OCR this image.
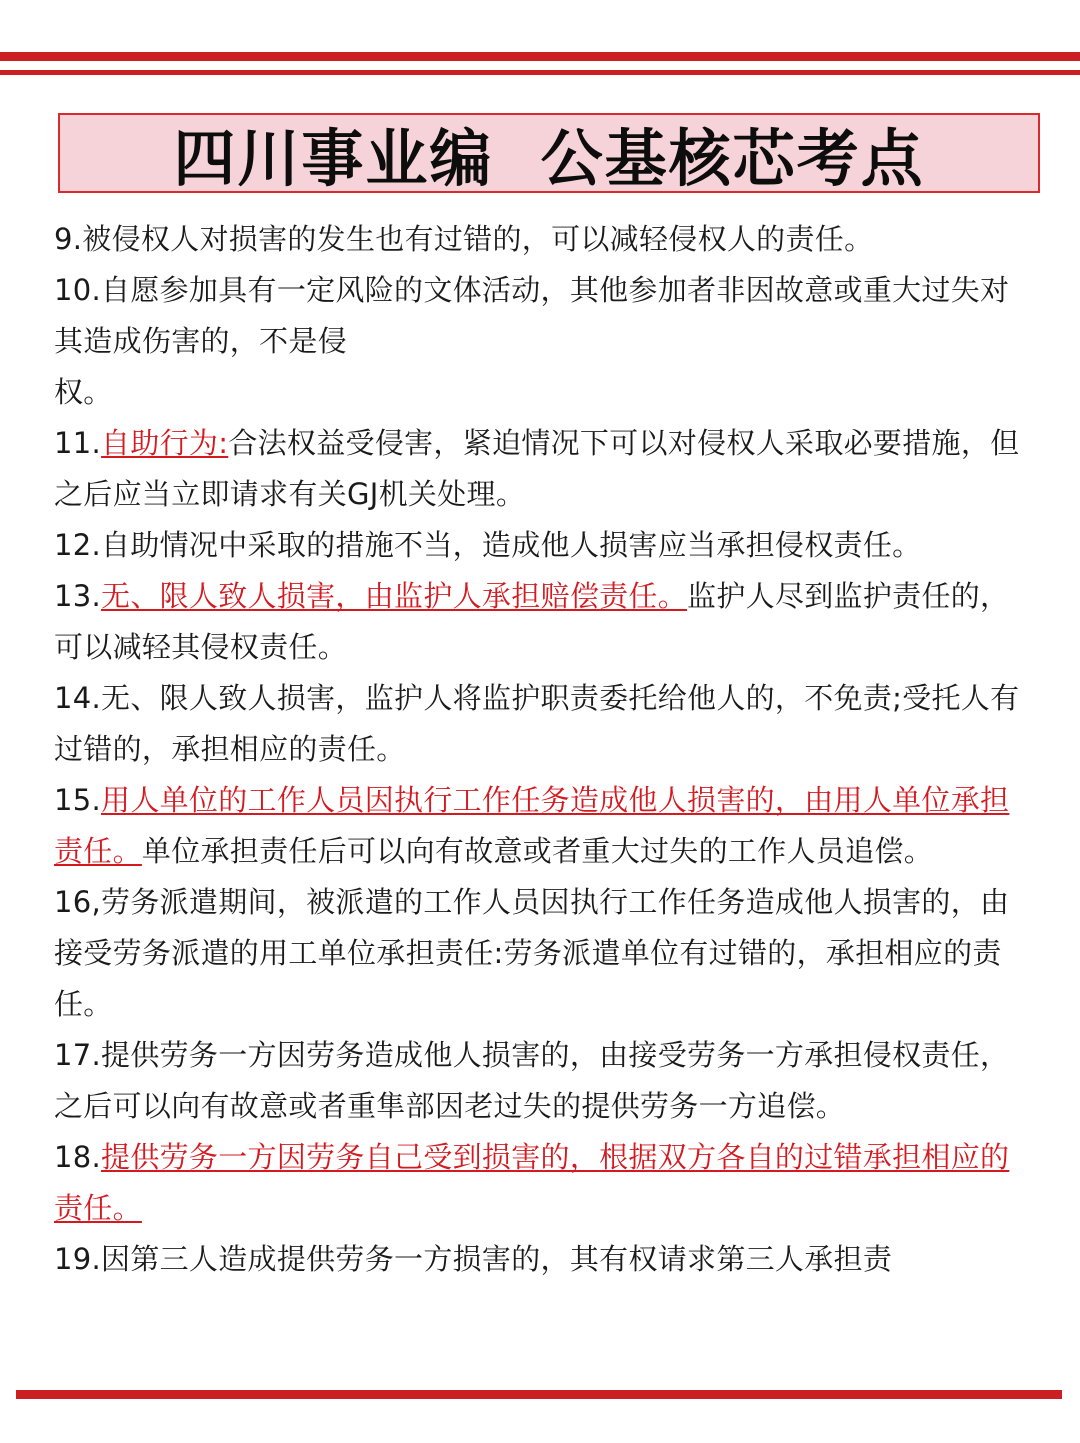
四川事业编  公基核芯考点

9.被侵权人对损害的发生也有过错的，可以减轻侵权人的责任。

10.自愿参加具有一定风险的文体活动，其他参加者非因故意或重大过失对其造成伤害的，不是侵
权。

11.自助行为:合法权益受侵害，紧迫情况下可以对侵权人采取必要措施，但之后应当立即请求有关GJ机关处理。

12.自助情况中采取的措施不当，造成他人损害应当承担侵权责任。

13.无、限人致人损害，由监护人承担赔偿责任。监护人尽到监护责任的，可以减轻其侵权责任。

14.无、限人致人损害，监护人将监护职责委托给他人的，不免责;受托人有过错的，承担相应的责任。

15.用人单位的工作人员因执行工作任务造成他人损害的，由用人单位承担责任。单位承担责任后可以向有故意或者重大过失的工作人员追偿。

16,劳务派遣期间，被派遣的工作人员因执行工作任务造成他人损害的，由接受劳务派遣的用工单位承担责任:劳务派遣单位有过错的，承担相应的责任。

17.提供劳务一方因劳务造成他人损害的，由接受劳务一方承担侵权责任，之后可以向有故意或者重隼部因老过失的提供劳务一方追偿。

18.提供劳务一方因劳务自己受到损害的，根据双方各自的过错承担相应的责任。

19.因第三人造成提供劳务一方损害的，其有权请求第三人承担责
